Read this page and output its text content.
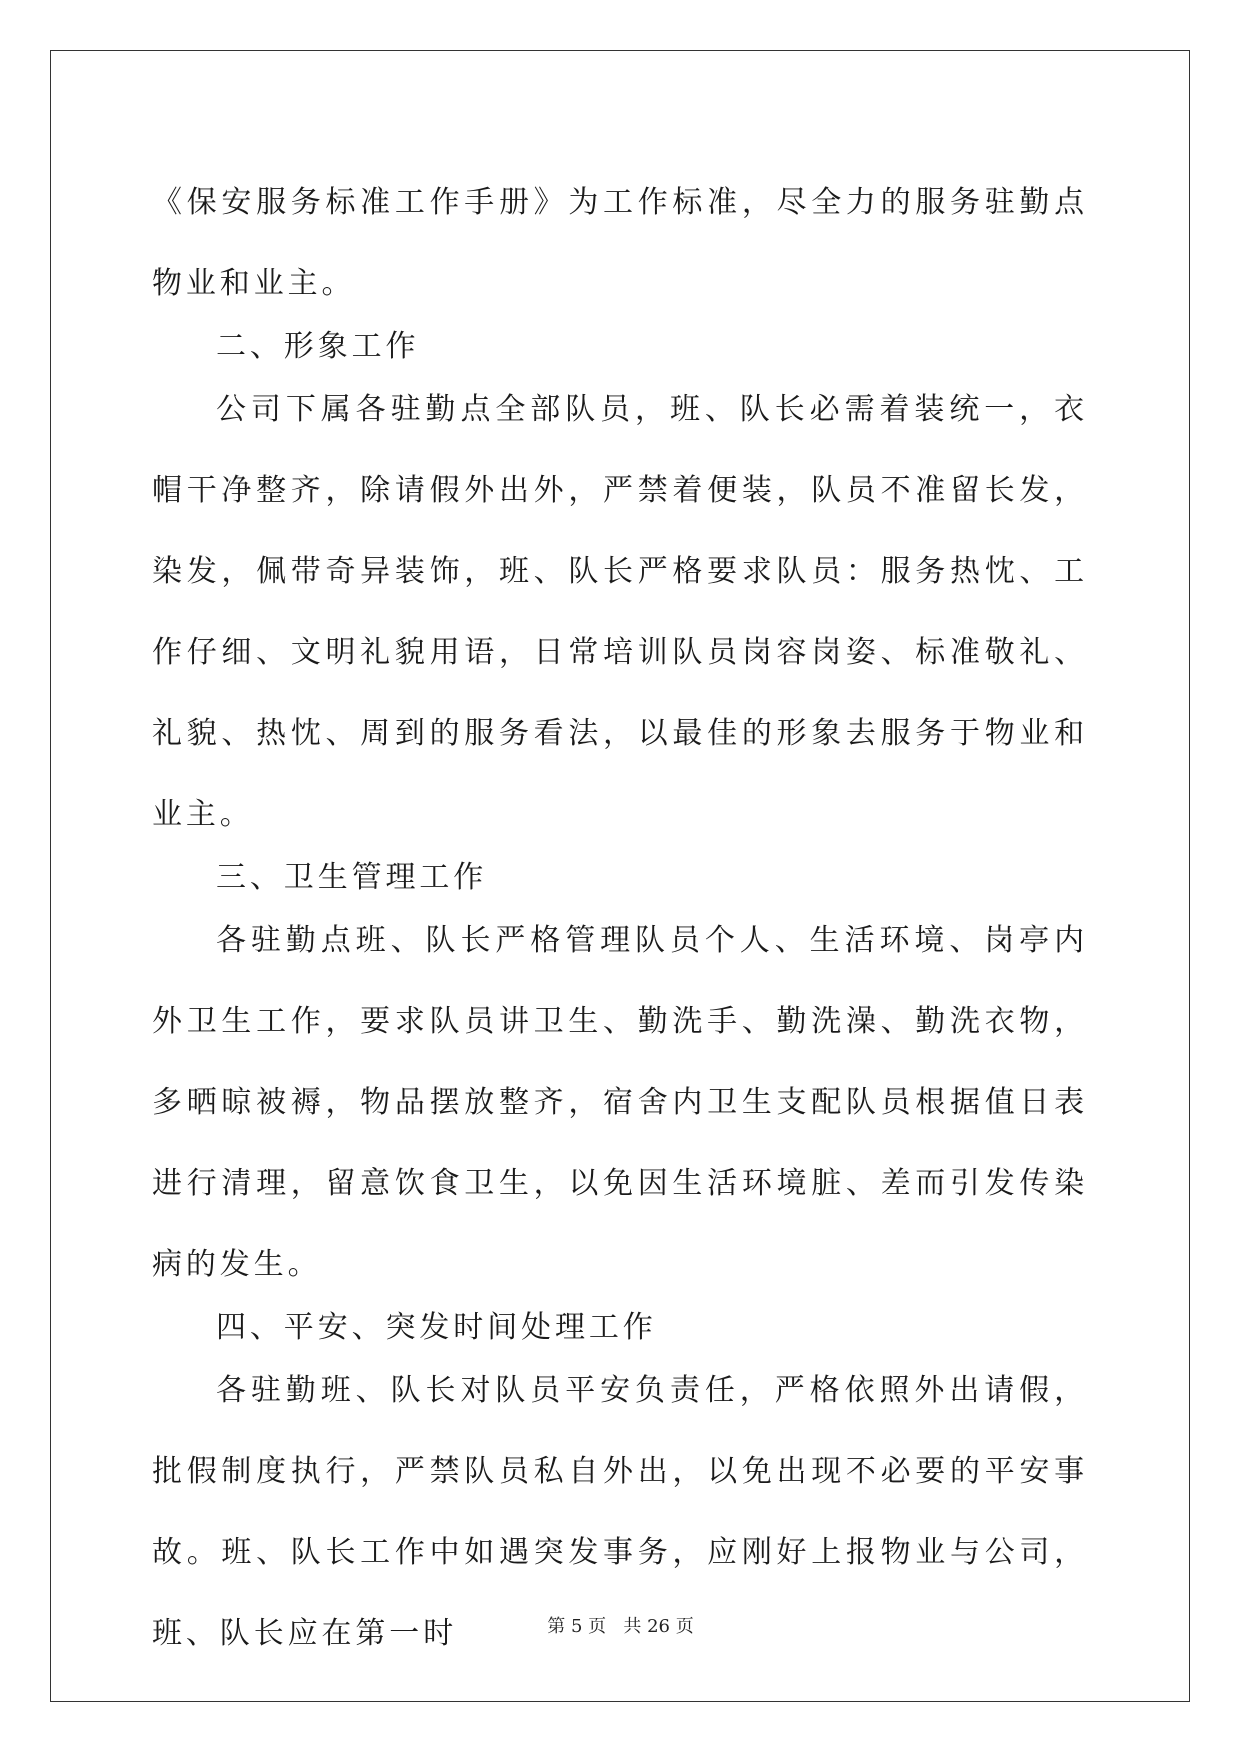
《保安服务标准工作手册》为工作标准，尽全力的服务驻勤点物业和业主。

二、形象工作

公司下属各驻勤点全部队员，班、队长必需着装统一，衣帽干净整齐，除请假外出外，严禁着便装，队员不准留长发，染发，佩带奇异装饰，班、队长严格要求队员：服务热忱、工作仔细、文明礼貌用语，日常培训队员岗容岗姿、标准敬礼、礼貌、热忱、周到的服务看法，以最佳的形象去服务于物业和业主。

三、卫生管理工作

各驻勤点班、队长严格管理队员个人、生活环境、岗亭内外卫生工作，要求队员讲卫生、勤洗手、勤洗澡、勤洗衣物，多晒晾被褥，物品摆放整齐，宿舍内卫生支配队员根据值日表进行清理，留意饮食卫生，以免因生活环境脏、差而引发传染病的发生。

四、平安、突发时间处理工作

各驻勤班、队长对队员平安负责任，严格依照外出请假，批假制度执行，严禁队员私自外出，以免出现不必要的平安事故。班、队长工作中如遇突发事务，应刚好上报物业与公司，班、队长应在第一时	第 5 页   共 26 页
